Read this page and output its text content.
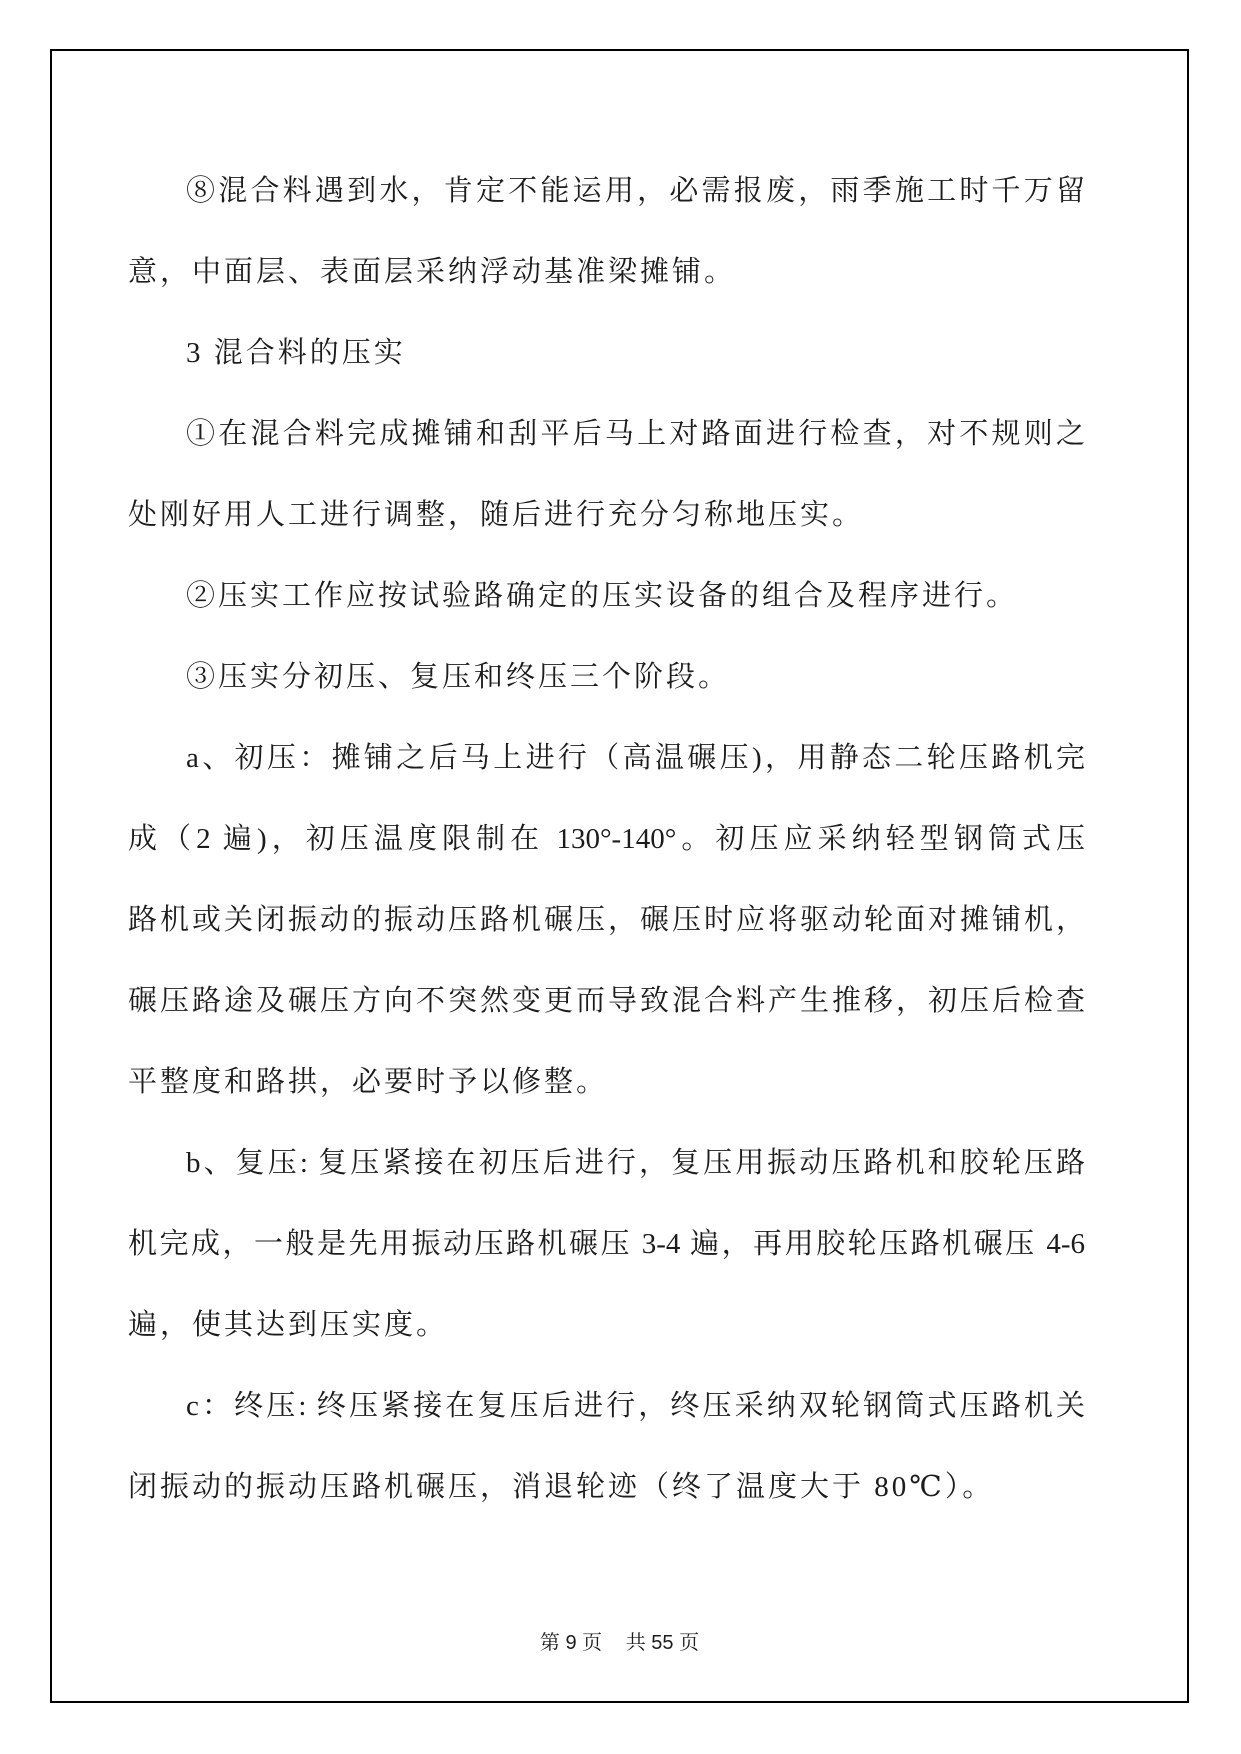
⑧混合料遇到水，肯定不能运用，必需报废，雨季施工时千万留
意，中面层、表面层采纳浮动基准梁摊铺。
3 混合料的压实
①在混合料完成摊铺和刮平后马上对路面进行检查，对不规则之
处刚好用人工进行调整，随后进行充分匀称地压实。
②压实工作应按试验路确定的压实设备的组合及程序进行。
③压实分初压、复压和终压三个阶段。
a、初压：摊铺之后马上进行（高温碾压)，用静态二轮压路机完
成（2 遍)，初压温度限制在 130°-140°。初压应采纳轻型钢筒式压
路机或关闭振动的振动压路机碾压，碾压时应将驱动轮面对摊铺机，
碾压路途及碾压方向不突然变更而导致混合料产生推移，初压后检查
平整度和路拱，必要时予以修整。
b、复压: 复压紧接在初压后进行，复压用振动压路机和胶轮压路
机完成，一般是先用振动压路机碾压 3-4 遍，再用胶轮压路机碾压 4-6
遍，使其达到压实度。
c：终压: 终压紧接在复压后进行，终压采纳双轮钢筒式压路机关
闭振动的振动压路机碾压，消退轮迹（终了温度大于 80℃）。
第 9 页 共 55 页
